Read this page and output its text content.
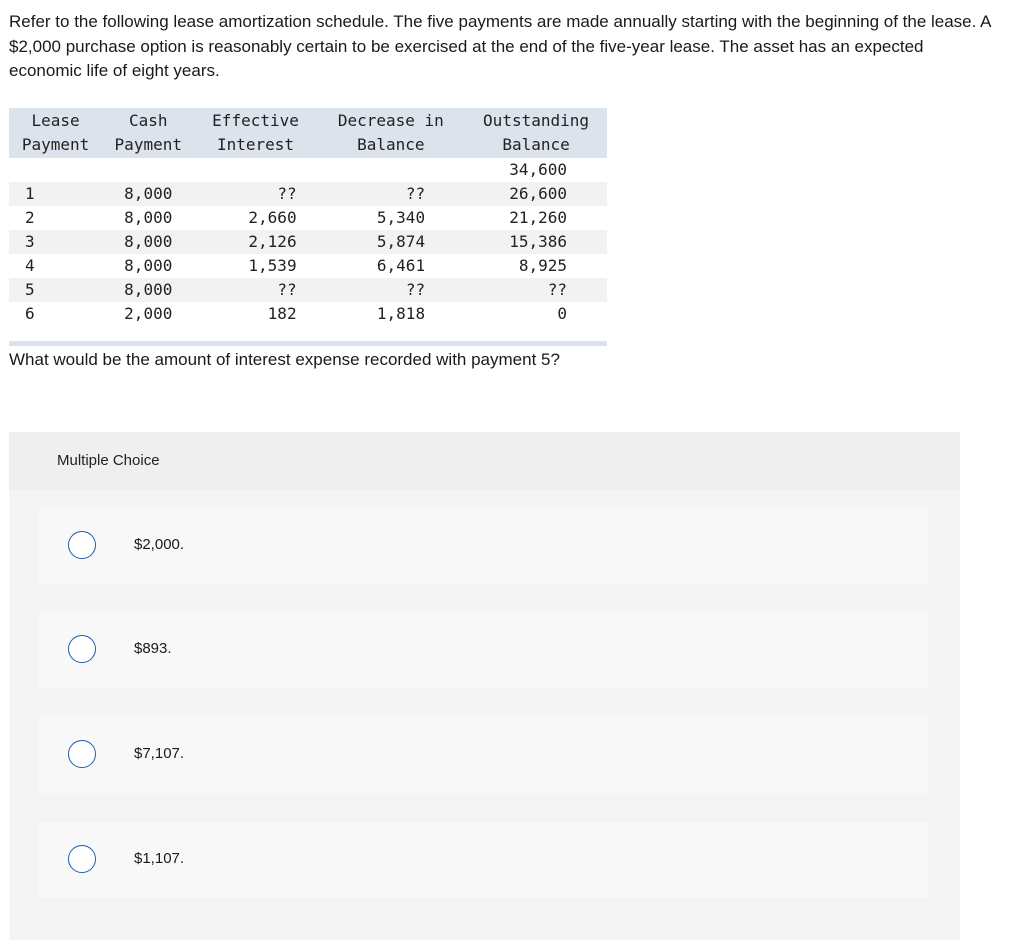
Refer to the following lease amortization schedule. The five payments are made annually starting with the beginning of the lease. A $2,000 purchase option is reasonably certain to be exercised at the end of the five-year lease. The asset has an expected economic life of eight years.

Lease	Cash	Effective	Decrease in	Outstanding
Payment	Payment	Interest	Balance	Balance
				34,600
1	8,000	??	??	26,600
2	8,000	2,660	5,340	21,260
3	8,000	2,126	5,874	15,386
4	8,000	1,539	6,461	8,925
5	8,000	??	??	??
6	2,000	182	1,818	0

What would be the amount of interest expense recorded with payment 5?

Multiple Choice
$2,000.
$893.
$7,107.
$1,107.
